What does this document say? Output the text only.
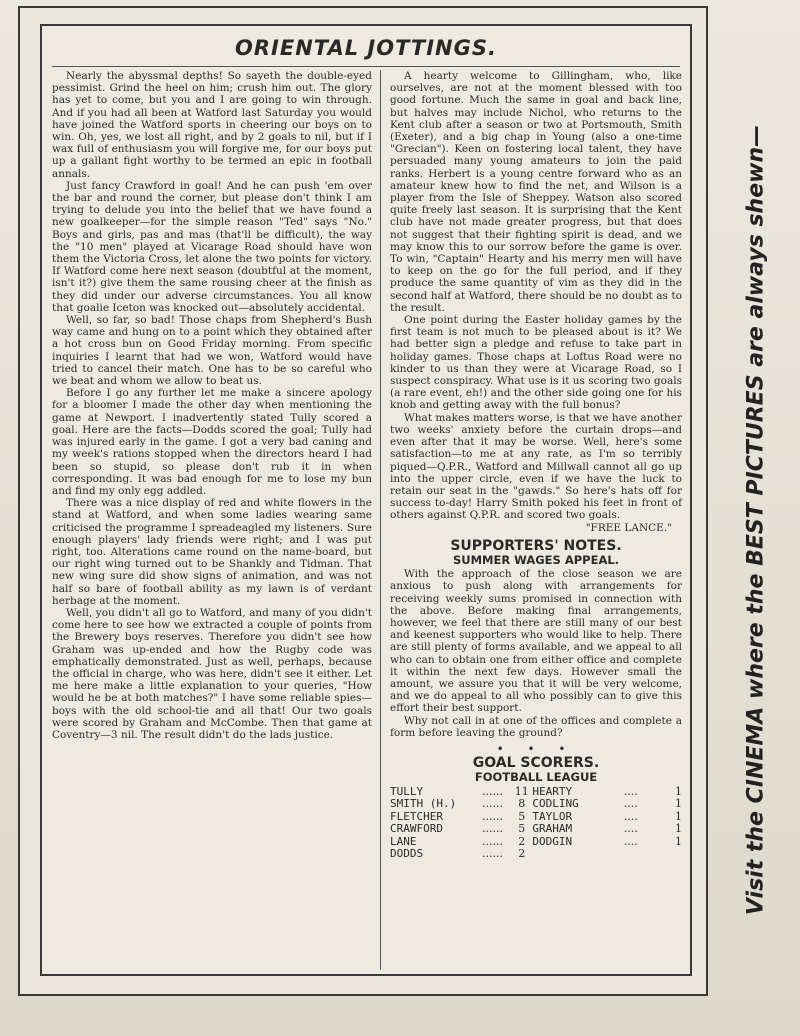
ORIENTAL JOTTINGS.

Nearly the abyssmal depths! So sayeth the double-eyed pessimist. Grind the heel on him; crush him out. The glory has yet to come, but you and I are going to win through. And if you had all been at Watford last Saturday you would have joined the Watford sports in cheering our boys on to win. Oh, yes, we lost all right, and by 2 goals to nil, but if I wax full of enthusiasm you will forgive me, for our boys put up a gallant fight worthy to be termed an epic in football annals.

Just fancy Crawford in goal! And he can push 'em over the bar and round the corner, but please don't think I am trying to delude you into the belief that we have found a new goalkeeper—for the simple reason "Ted" says "No." Boys and girls, pas and mas (that'll be difficult), the way the "10 men" played at Vicarage Road should have won them the Victoria Cross, let alone the two points for victory. If Watford come here next season (doubtful at the moment, isn't it?) give them the same rousing cheer at the finish as they did under our adverse circumstances. You all know that goalie Iceton was knocked out—absolutely accidental.

Well, so far, so bad! Those chaps from Shepherd's Bush way came and hung on to a point which they obtained after a hot cross bun on Good Friday morning. From specific inquiries I learnt that had we won, Watford would have tried to cancel their match. One has to be so careful who we beat and whom we allow to beat us.

Before I go any further let me make a sincere apology for a bloomer I made the other day when mentioning the game at Newport. I inadvertently stated Tully scored a goal. Here are the facts—Dodds scored the goal; Tully had was injured early in the game. I got a very bad caning and my week's rations stopped when the directors heard I had been so stupid, so please don't rub it in when corresponding. It was bad enough for me to lose my bun and find my only egg addled.

There was a nice display of red and white flowers in the stand at Watford, and when some ladies wearing same criticised the programme I spreadeagled my listeners. Sure enough players' lady friends were right; and I was put right, too. Alterations came round on the name-board, but our right wing turned out to be Shankly and Tidman. That new wing sure did show signs of animation, and was not half so bare of football ability as my lawn is of verdant herbage at the moment.

Well, you didn't all go to Watford, and many of you didn't come here to see how we extracted a couple of points from the Brewery boys reserves. Therefore you didn't see how Graham was up-ended and how the Rugby code was emphatically demonstrated. Just as well, perhaps, because the official in charge, who was here, didn't see it either. Let me here make a little explanation to your queries, "How would he be at both matches?" I have some reliable spies—boys with the old school-tie and all that! Our two goals were scored by Graham and McCombe. Then that game at Coventry—3 nil. The result didn't do the lads justice.

A hearty welcome to Gillingham, who, like ourselves, are not at the moment blessed with too good fortune. Much the same in goal and back line, but halves may include Nichol, who returns to the Kent club after a season or two at Portsmouth, Smith (Exeter), and a big chap in Young (also a one-time "Grecian"). Keen on fostering local talent, they have persuaded many young amateurs to join the paid ranks. Herbert is a young centre forward who as an amateur knew how to find the net, and Wilson is a player from the Isle of Sheppey. Watson also scored quite freely last season. It is surprising that the Kent club have not made greater progress, but that does not suggest that their fighting spirit is dead, and we may know this to our sorrow before the game is over. To win, "Captain" Hearty and his merry men will have to keep on the go for the full period, and if they produce the same quantity of vim as they did in the second half at Watford, there should be no doubt as to the result.

One point during the Easter holiday games by the first team is not much to be pleased about is it? We had better sign a pledge and refuse to take part in holiday games. Those chaps at Loftus Road were no kinder to us than they were at Vicarage Road, so I suspect conspiracy. What use is it us scoring two goals (a rare event, eh!) and the other side going one for his knob and getting away with the full bonus?

What makes matters worse, is that we have another two weeks' anxiety before the curtain drops—and even after that it may be worse. Well, here's some satisfaction—to me at any rate, as I'm so terribly piqued—Q.P.R., Watford and Millwall cannot all go up into the upper circle, even if we have the luck to retain our seat in the "gawds." So here's hats off for success to-day! Harry Smith poked his feet in front of others against Q.P.R. and scored two goals.

"FREE LANCE."

SUPPORTERS' NOTES.
SUMMER WAGES APPEAL.

With the approach of the close season we are anxious to push along with arrangements for receiving weekly sums promised in connection with the above. Before making final arrangements, however, we feel that there are still many of our best and keenest supporters who would like to help. There are still plenty of forms available, and we appeal to all who can to obtain one from either office and complete it within the next few days. However small the amount, we assure you that it will be very welcome, and we do appeal to all who possibly can to give this effort their best support.

Why not call in at one of the offices and complete a form before leaving the ground?

• • •
GOAL SCORERS.
FOOTBALL LEAGUE
TULLY	......	11	HEARTY	....	1
SMITH (H.)	......	8	CODLING	....	1
FLETCHER	......	5	TAYLOR	....	1
CRAWFORD	......	5	GRAHAM	....	1
LANE	......	2	DODGIN	....	1
DODDS	......	2				Visit the CINEMA where the BEST PICTURES are always shewn—
